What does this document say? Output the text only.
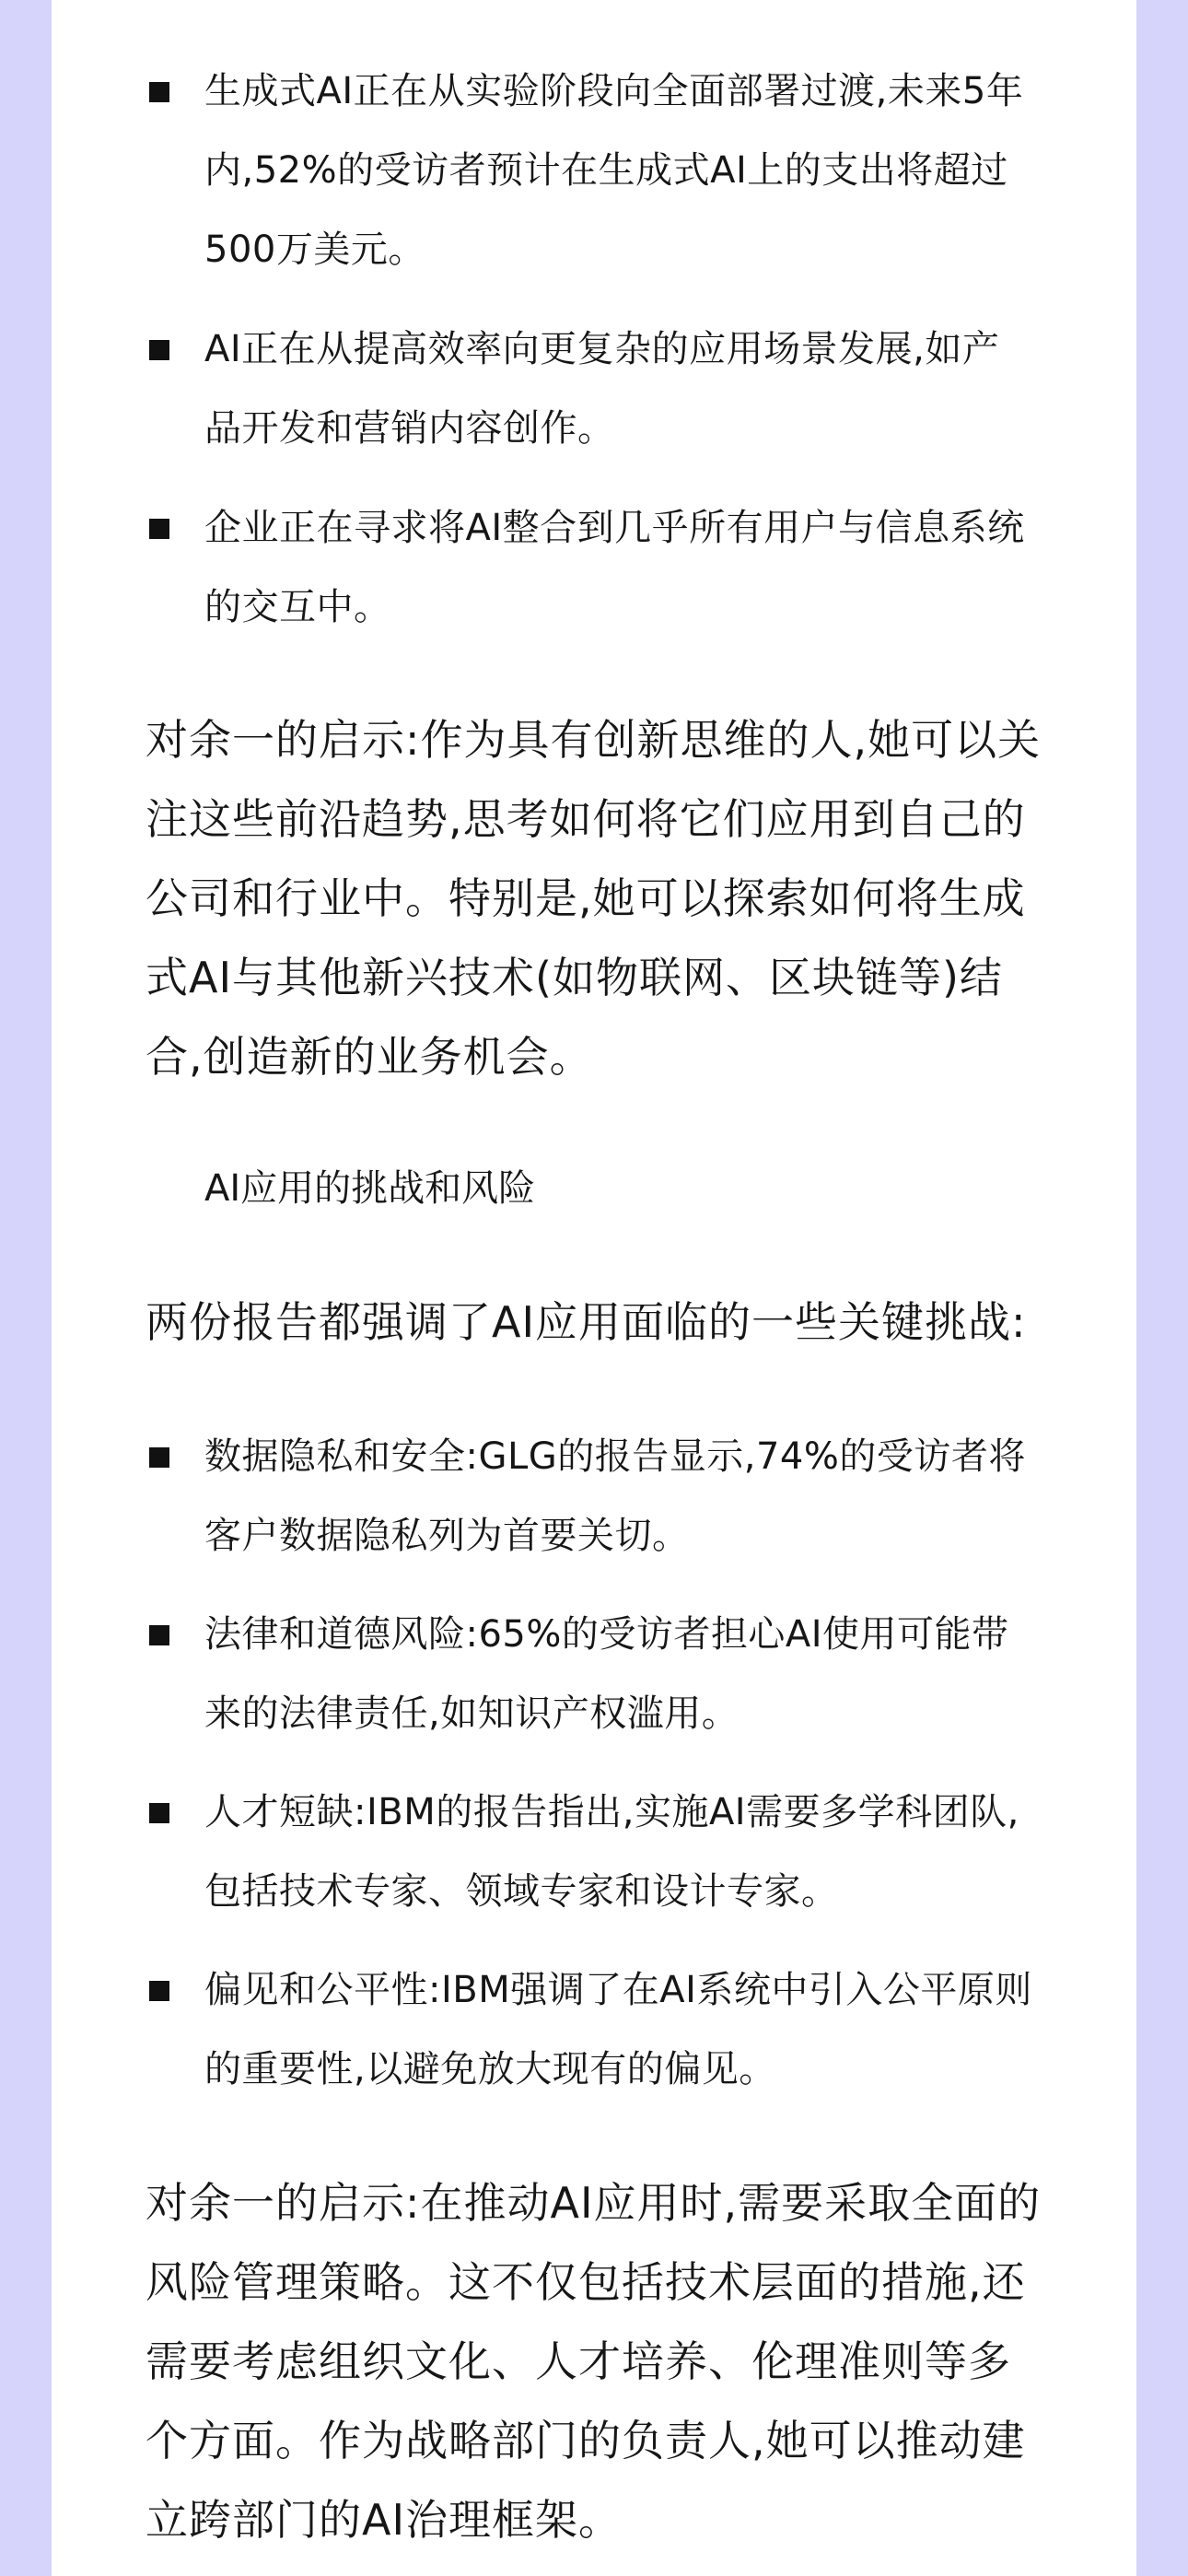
生成式AI正在从实验阶段向全面部署过渡,未来5年
内,52%的受访者预计在生成式AI上的支出将超过
500万美元。
AI正在从提高效率向更复杂的应用场景发展,如产
品开发和营销内容创作。
企业正在寻求将AI整合到几乎所有用户与信息系统
的交互中。
对余一的启示:作为具有创新思维的人,她可以关
注这些前沿趋势,思考如何将它们应用到自己的
公司和行业中。特别是,她可以探索如何将生成
式AI与其他新兴技术(如物联网、区块链等)结
合,创造新的业务机会。
AI应用的挑战和风险
两份报告都强调了AI应用面临的一些关键挑战:
数据隐私和安全:GLG的报告显示,74%的受访者将
客户数据隐私列为首要关切。
法律和道德风险:65%的受访者担心AI使用可能带
来的法律责任,如知识产权滥用。
人才短缺:IBM的报告指出,实施AI需要多学科团队,
包括技术专家、领域专家和设计专家。
偏见和公平性:IBM强调了在AI系统中引入公平原则
的重要性,以避免放大现有的偏见。
对余一的启示:在推动AI应用时,需要采取全面的
风险管理策略。这不仅包括技术层面的措施,还
需要考虑组织文化、人才培养、伦理准则等多
个方面。作为战略部门的负责人,她可以推动建
立跨部门的AI治理框架。
